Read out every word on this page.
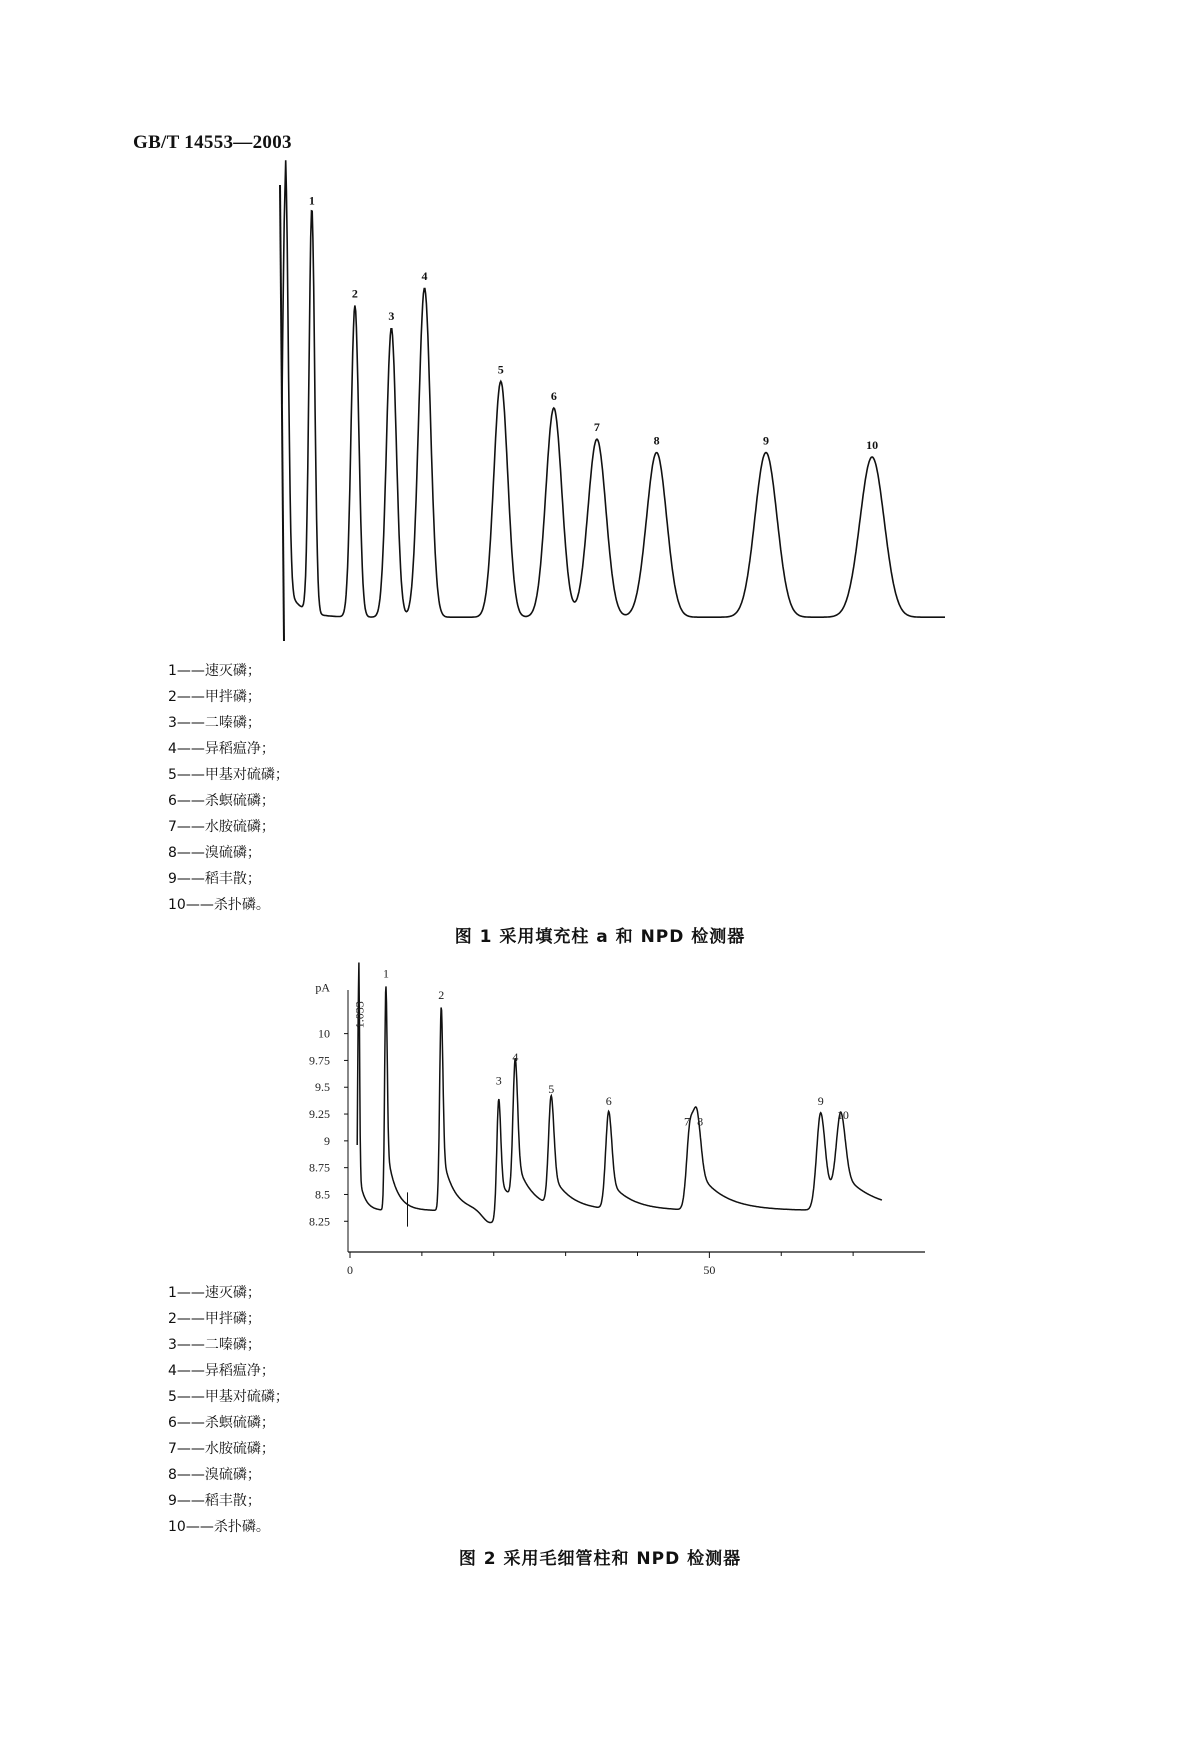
GB/T 14553—2003
1
2
3
4
5
6
7
8	9	10
1——速灭磷；
2——甲拌磷；
3——二嗪磷；
4——异稻瘟净；
5——甲基对硫磷；
6——杀螟硫磷；
7——水胺硫磷；
8——溴硫磷；
9——稻丰散；
10——杀扑磷。
图 1 采用填充柱 a 和 NPD 检测器
8.25
8.5
8.75
9
9.25
9.5
9.75
10
pA
0	50
1
2
3
4
5
6
7 8
9
10
1.033
1——速灭磷；
2——甲拌磷；
3——二嗪磷；
4——异稻瘟净；
5——甲基对硫磷；
6——杀螟硫磷；
7——水胺硫磷；
8——溴硫磷；
9——稻丰散；
10——杀扑磷。
图 2 采用毛细管柱和 NPD 检测器
